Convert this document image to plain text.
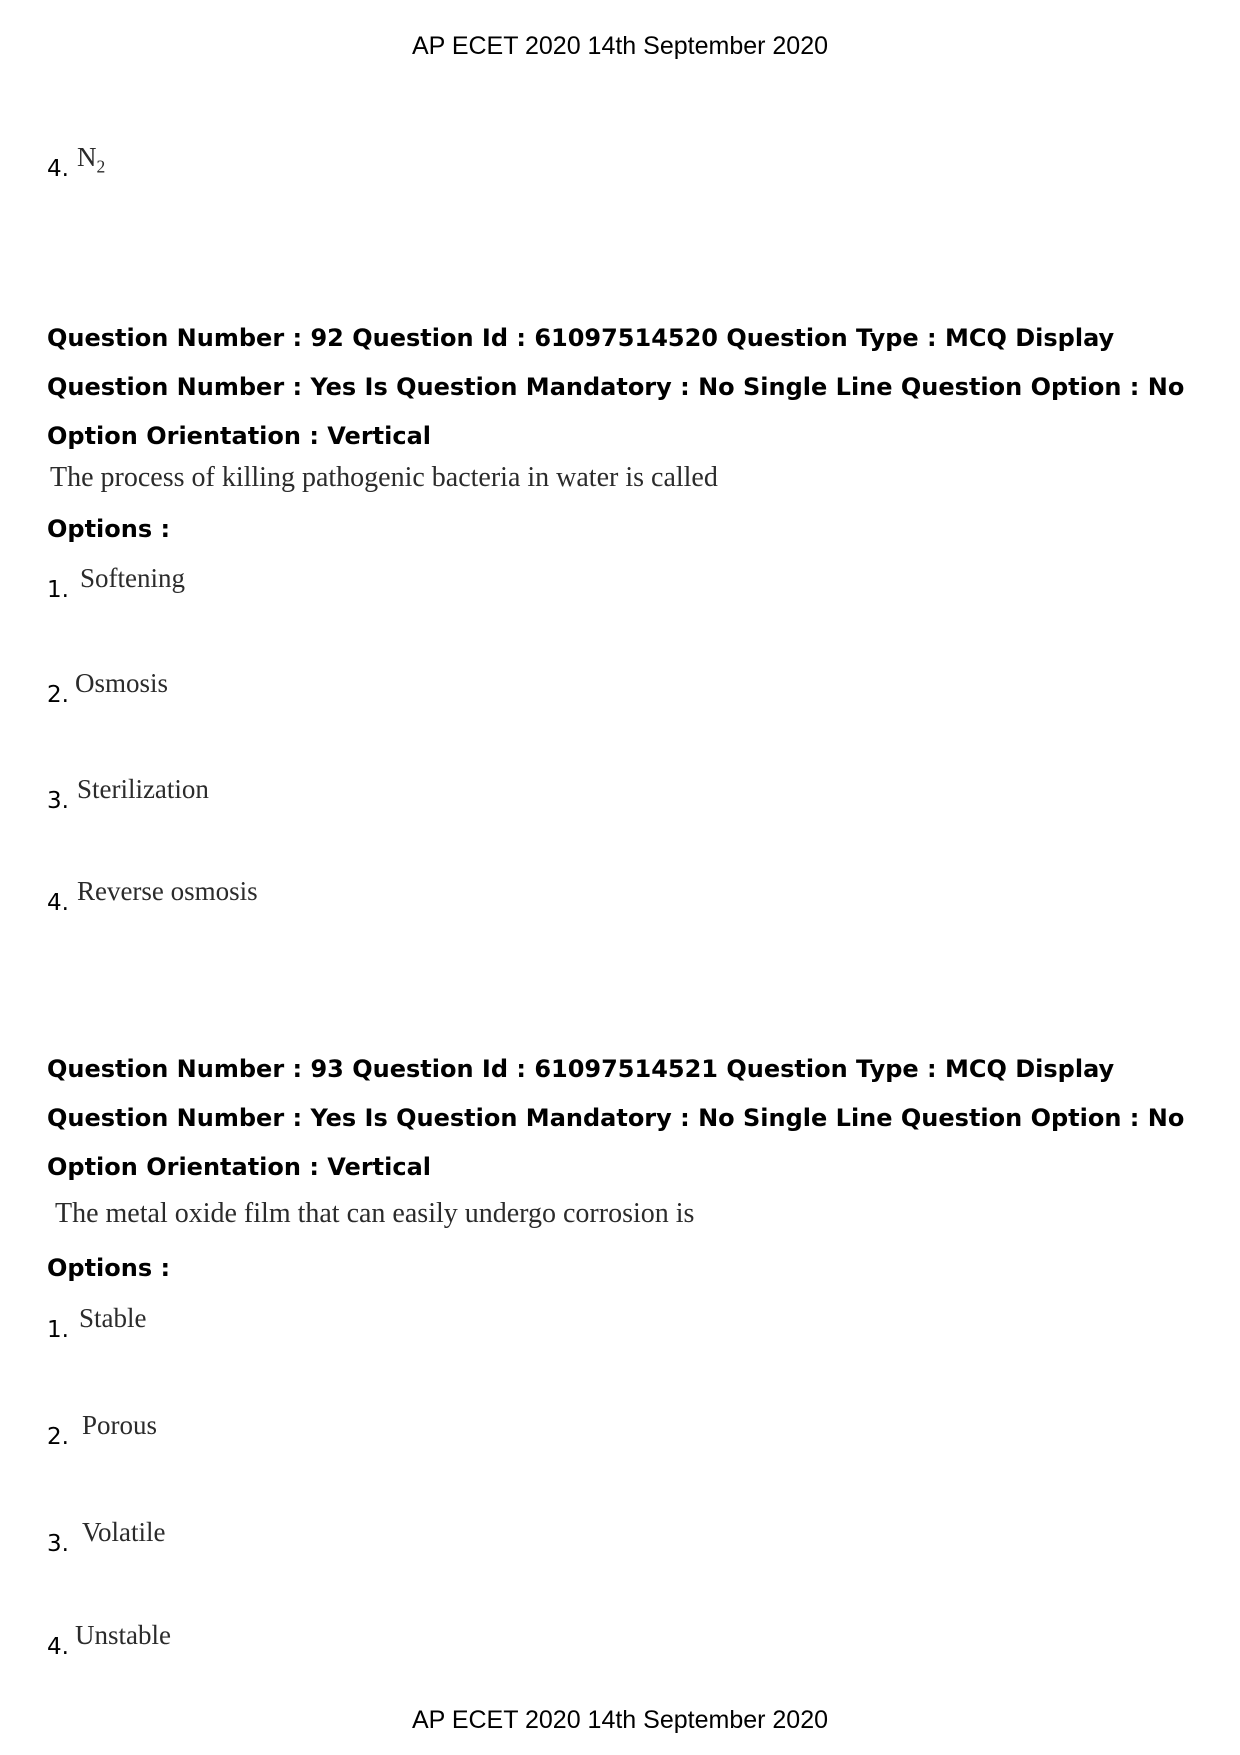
AP ECET 2020 14th September 2020
4. $N_2$
Question Number : 92 Question Id : 61097514520 Question Type : MCQ Display Question Number : Yes Is Question Mandatory : No Single Line Question Option : No Option Orientation : Vertical
The process of killing pathogenic bacteria in water is called
Options :
1. Softening
2. Osmosis
3. Sterilization
4. Reverse osmosis
Question Number : 93 Question Id : 61097514521 Question Type : MCQ Display Question Number : Yes Is Question Mandatory : No Single Line Question Option : No Option Orientation : Vertical
The metal oxide film that can easily undergo corrosion is
Options :
1. Stable
2. Porous
3. Volatile
4. Unstable
AP ECET 2020 14th September 2020
